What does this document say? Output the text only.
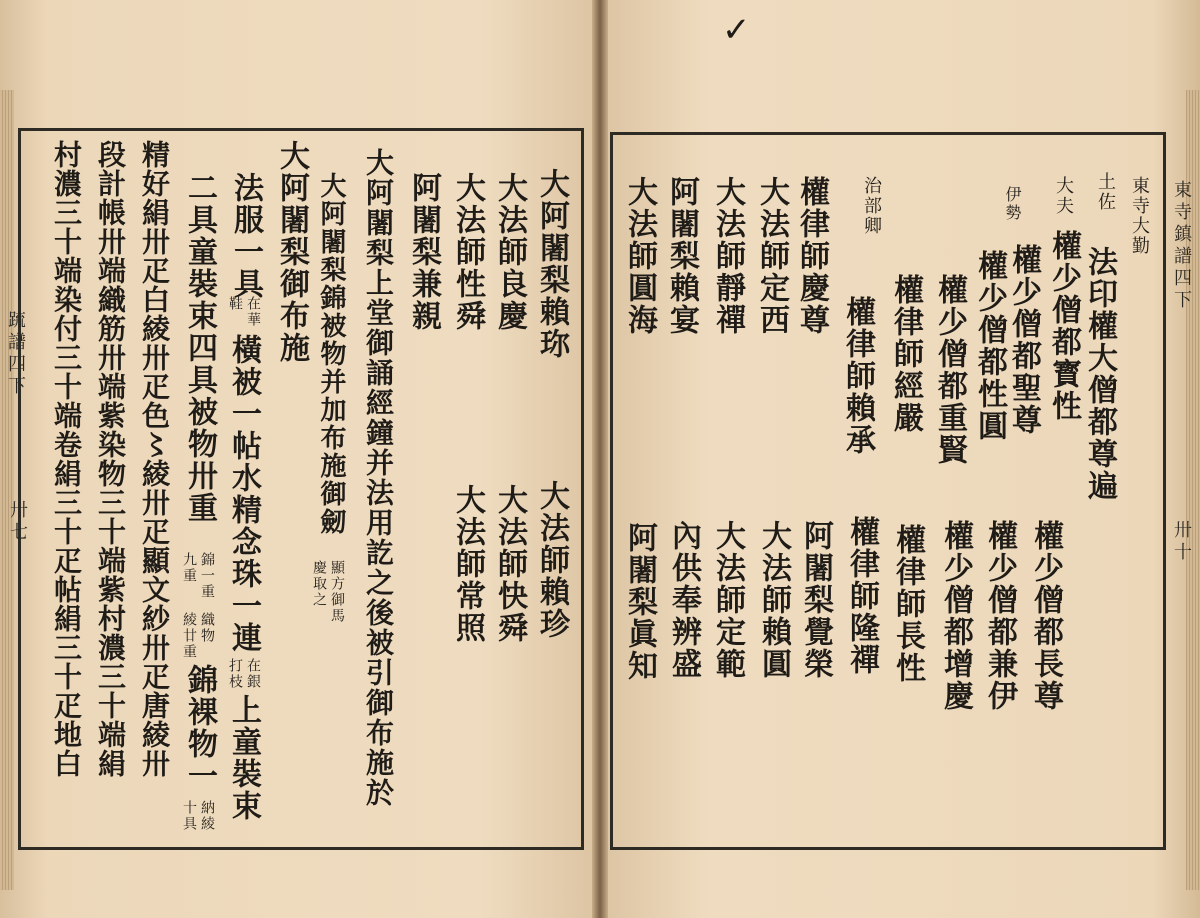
✓
䟽譜四下
卅七
大阿闍梨賴珎
大法師良慶
大法師性舜
阿闍梨兼親
大法師賴珍
大法師快舜
大法師常照
大阿闍梨上堂御誦經鐘并法用訖之後被引御布施於
大阿闍梨錦被物并加布施御劒
顯方御馬
慶取之
大阿闍梨御布施
法服一具
在華
鞋
橫被一帖水精念珠一連
在銀
打枝
上童裝束
二具童裝束四具被物卅重
錦一重
九重
織物
綾廿重
錦裸物一
納綾
十具
精好絹卅疋白綾卅疋色〻綾卅疋顯文紗卅疋唐綾卅
段計帳卅端織筋卅端紫染物三十端紫村濃三十端絹
村濃三十端染付三十端卷絹三十疋帖絹三十疋地白	東寺鎮譜四下
卅十
東寺大勤
法印權大僧都尊遍
土佐
權少僧都寳性
大夫
權少僧都聖尊
伊勢
權少僧都性圓
權少僧都重賢
權律師經嚴
治部卿
權律師賴承
權律師慶尊
大法師定西
大法師靜禪
阿闍梨賴宴
大法師圓海
權少僧都長尊
權少僧都兼伊
權少僧都增慶
權律師長性
權律師隆禪
阿闍梨覺榮
大法師賴圓
大法師定範
內供奉辨盛
阿闍梨眞知
